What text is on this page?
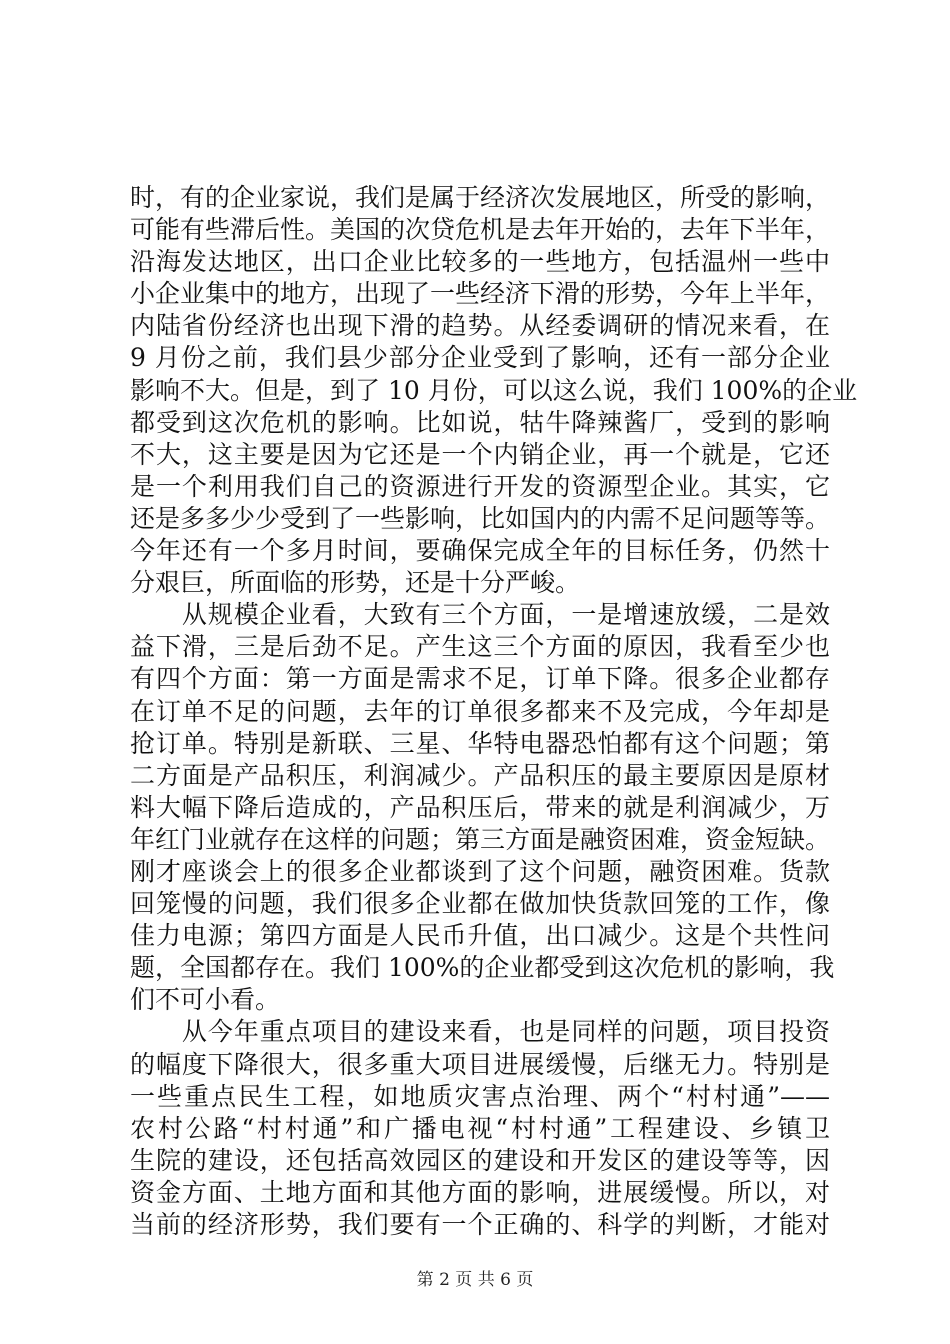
时，有的企业家说，我们是属于经济次发展地区，所受的影响，
可能有些滞后性。美国的次贷危机是去年开始的，去年下半年，
沿海发达地区，出口企业比较多的一些地方，包括温州一些中
小企业集中的地方，出现了一些经济下滑的形势，今年上半年，
内陆省份经济也出现下滑的趋势。从经委调研的情况来看，在
9 月份之前，我们县少部分企业受到了影响，还有一部分企业
影响不大。但是，到了 10 月份，可以这么说，我们 100%的企业
都受到这次危机的影响。比如说，牯牛降辣酱厂，受到的影响
不大，这主要是因为它还是一个内销企业，再一个就是，它还
是一个利用我们自己的资源进行开发的资源型企业。其实，它
还是多多少少受到了一些影响，比如国内的内需不足问题等等。
今年还有一个多月时间，要确保完成全年的目标任务，仍然十
分艰巨，所面临的形势，还是十分严峻。
　　从规模企业看，大致有三个方面，一是增速放缓，二是效
益下滑，三是后劲不足。产生这三个方面的原因，我看至少也
有四个方面：第一方面是需求不足，订单下降。很多企业都存
在订单不足的问题，去年的订单很多都来不及完成，今年却是
抢订单。特别是新联、三星、华特电器恐怕都有这个问题；第
二方面是产品积压，利润减少。产品积压的最主要原因是原材
料大幅下降后造成的，产品积压后，带来的就是利润减少，万
年红门业就存在这样的问题；第三方面是融资困难，资金短缺。
刚才座谈会上的很多企业都谈到了这个问题，融资困难。货款
回笼慢的问题，我们很多企业都在做加快货款回笼的工作，像
佳力电源；第四方面是人民币升值，出口减少。这是个共性问
题，全国都存在。我们 100%的企业都受到这次危机的影响，我
们不可小看。
　　从今年重点项目的建设来看，也是同样的问题，项目投资
的幅度下降很大，很多重大项目进展缓慢，后继无力。特别是
一些重点民生工程，如地质灾害点治理、两个“村村通”——
农村公路“村村通”和广播电视“村村通”工程建设、乡镇卫
生院的建设，还包括高效园区的建设和开发区的建设等等，因
资金方面、土地方面和其他方面的影响，进展缓慢。所以，对
当前的经济形势，我们要有一个正确的、科学的判断，才能对
第 2 页 共 6 页
